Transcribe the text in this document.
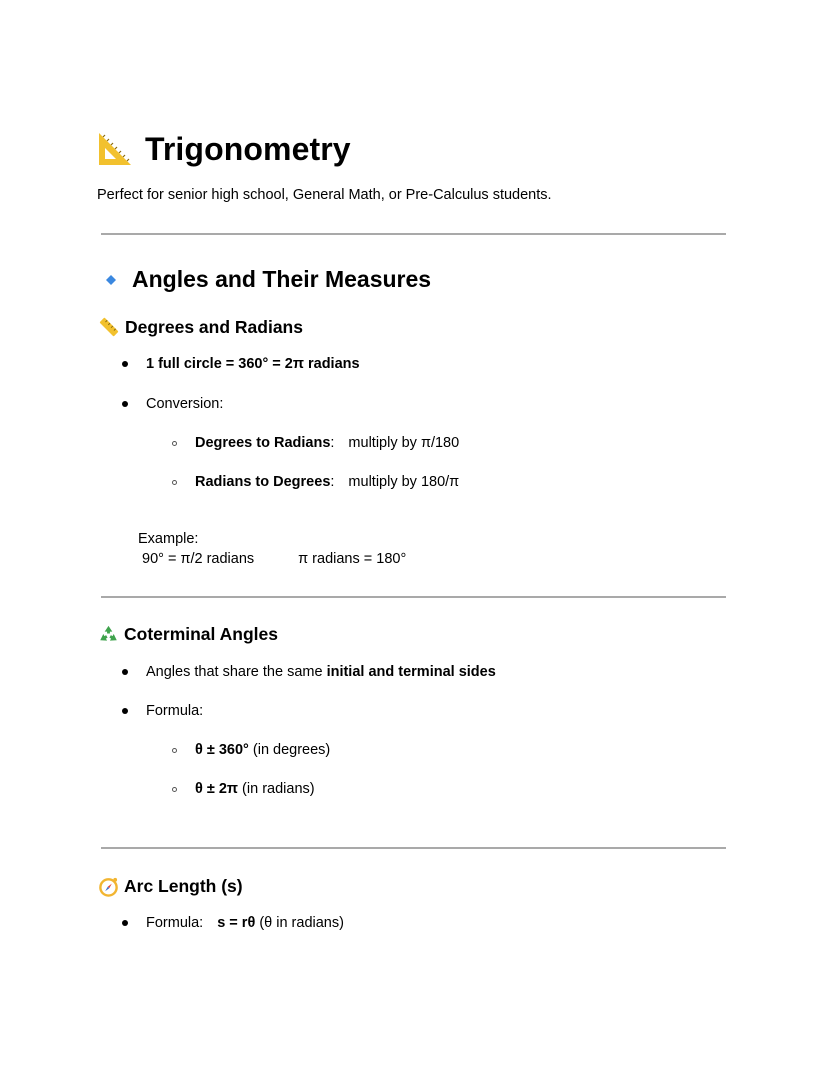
Trigonometry
Perfect for senior high school, General Math, or Pre-Calculus students.
Angles and Their Measures
Degrees and Radians
1 full circle = 360° = 2π radians
Conversion:
Degrees to Radians : multiply by π/180
Radians to Degrees : multiply by 180/π
Example:
90° = π/2 radians	π radians = 180°
Coterminal Angles
Angles that share the same initial and terminal sides
Formula:
θ ± 360° (in degrees)
θ ± 2π (in radians)
Arc Length (s)
Formula: s = rθ (θ in radians)
